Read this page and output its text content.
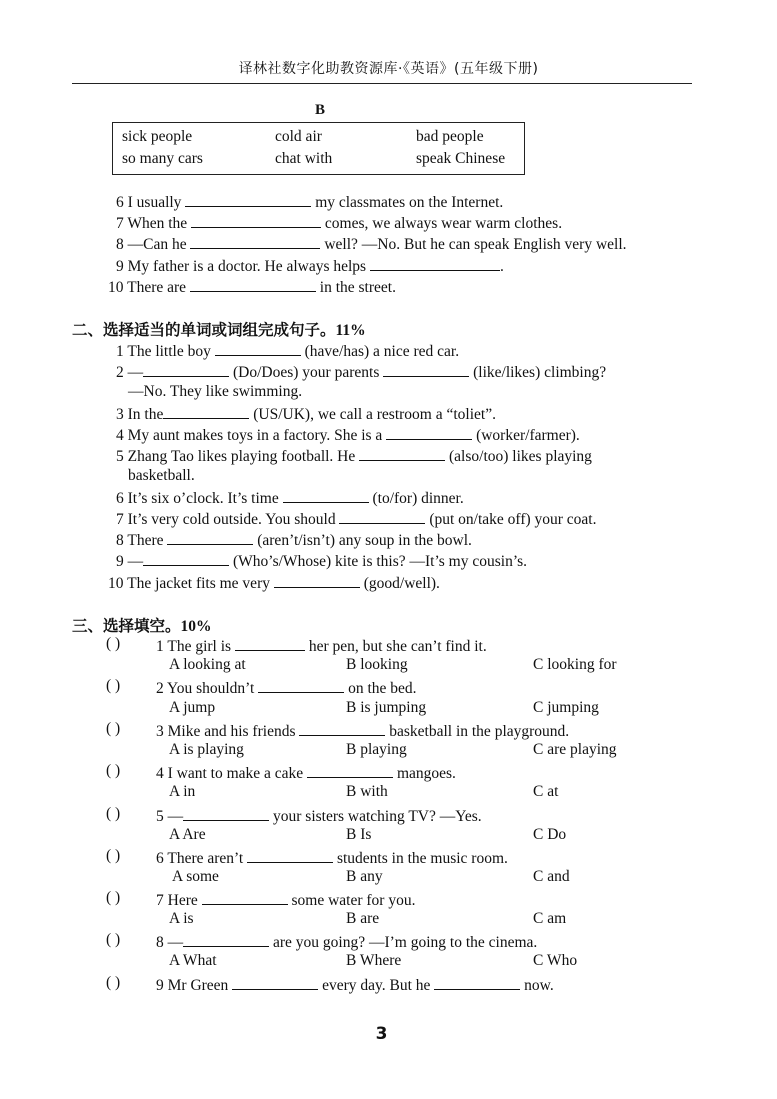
译林社数字化助教资源库·《英语》(五年级下册)
B
sick people	cold air	bad people
so many cars	chat with	speak Chinese
6 I usually	my classmates on the Internet.
7 When the	comes, we always wear warm clothes.
8 —Can he	well? —No. But he can speak English very well.
9 My father is a doctor. He always helps	.
10 There are	in the street.
二、选择适当的单词或词组完成句子。11%
1 The little boy	(have/has) a nice red car.
2 —	(Do/Does) your parents	(like/likes) climbing?
—No. They like swimming.
3 In the	(US/UK), we call a restroom a “toliet”.
4 My aunt makes toys in a factory. She is a	(worker/farmer).
5 Zhang Tao likes playing football. He	(also/too) likes playing
basketball.
6 It’s six o’clock. It’s time	(to/for) dinner.
7 It’s very cold outside. You should	(put on/take off) your coat.
8 There	(aren’t/isn’t) any soup in the bowl.
9 —	(Who’s/Whose) kite is this? —It’s my cousin’s.
10 The jacket fits me very	(good/well).
三、选择填空。10%
( ) 1 The girl is	her pen, but she can’t find it.
A looking at	B looking	C looking for
( ) 2 You shouldn’t	on the bed.
A jump	B is jumping	C jumping
( ) 3 Mike and his friends	basketball in the playground.
A is playing	B playing	C are playing
( ) 4 I want to make a cake	mangoes.
A in	B with	C at
( ) 5 —	your sisters watching TV? —Yes.
A Are	B Is	C Do
( ) 6 There aren’t	students in the music room.
A some	B any	C and
( ) 7 Here	some water for you.
A is	B are	C am
( ) 8 —	are you going? —I’m going to the cinema.
A What	B Where	C Who
( ) 9 Mr Green	every day. But he	now.
3
